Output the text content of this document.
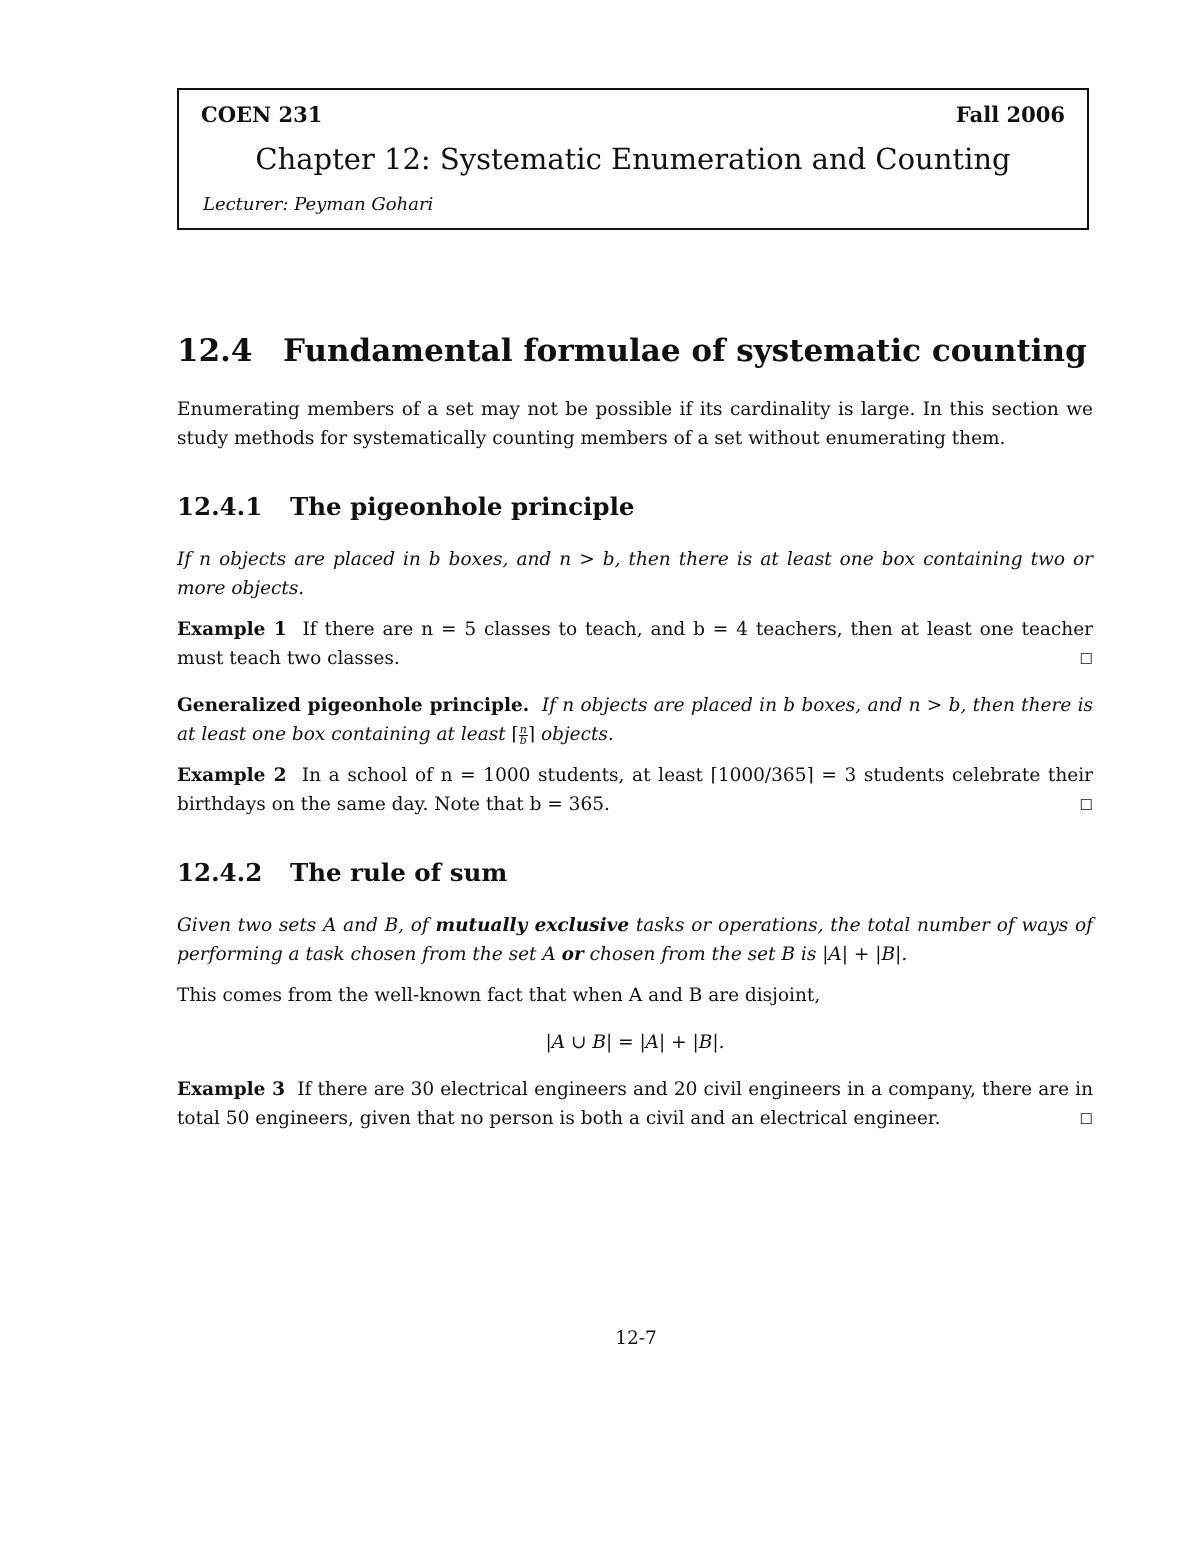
COEN 231	Fall 2006
Chapter 12: Systematic Enumeration and Counting
Lecturer: Peyman Gohari
12.4 Fundamental formulae of systematic counting

Enumerating members of a set may not be possible if its cardinality is large. In this section we study methods for systematically counting members of a set without enumerating them.

12.4.1 The pigeonhole principle

If n objects are placed in b boxes, and n > b, then there is at least one box containing two or more objects.

Example 1 If there are n = 5 classes to teach, and b = 4 teachers, then at least one teacher must teach two classes.	☐
Generalized pigeonhole principle. If n objects are placed in b boxes, and n > b, then there is at least one box containing at least ⌈ $\frac{n}{b}⌉$ objects.
Example 2 In a school of n = 1000 students, at least ⌈1000/365⌉ = 3 students celebrate their birthdays on the same day. Note that b = 365.	☐
12.4.2 The rule of sum
Given two sets A and B, of mutually exclusive tasks or operations, the total number of ways of performing a task chosen from the set A or chosen from the set B is |A| + |B|.

This comes from the well-known fact that when A and B are disjoint,

|A ∪ B| = |A| + |B|.

Example 3 If there are 30 electrical engineers and 20 civil engineers in a company, there are in total 50 engineers, given that no person is both a civil and an electrical engineer.	☐
12-7
